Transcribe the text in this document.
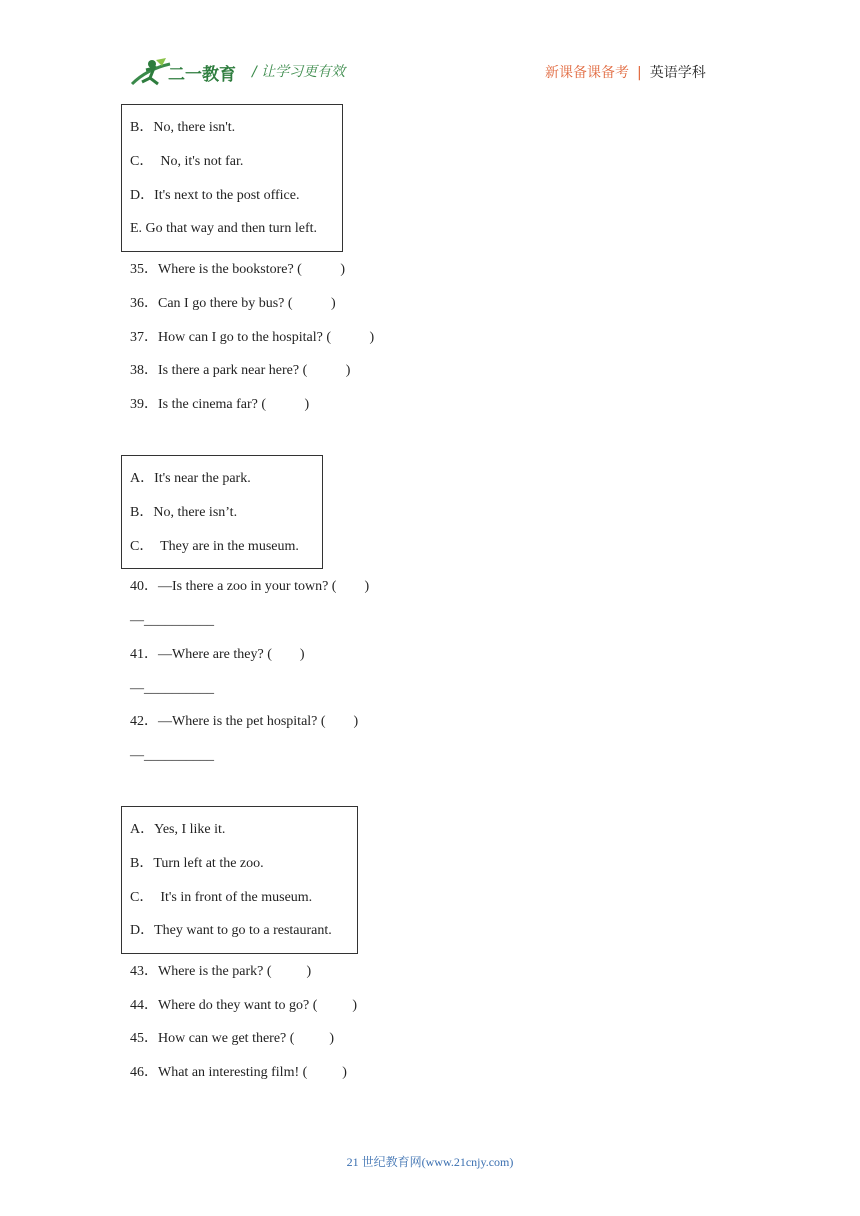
二一教育 / 让学习更有效	新课备课备考 | 英语学科
B．No, there isn't.
C．  No, it's not far.
D．It's next to the post office.
E. Go that way and then turn left.
35．Where is the bookstore? (           )
36．Can I go there by bus? (           )
37．How can I go to the hospital? (           )
38．Is there a park near here? (           )
39．Is the cinema far? (           )
A．It's near the park.
B．No, there isn’t.
C．  They are in the museum.
40．—Is there a zoo in your town? (        )
—__________
41．—Where are they? (        )
—__________
42．—Where is the pet hospital? (        )
—__________
A．Yes, I like it.
B．Turn left at the zoo.
C．  It's in front of the museum.
D．They want to go to a restaurant.
43．Where is the park? (          )
44．Where do they want to go? (          )
45．How can we get there? (          )
46．What an interesting film! (          )
21 世纪教育网(www.21cnjy.com)
